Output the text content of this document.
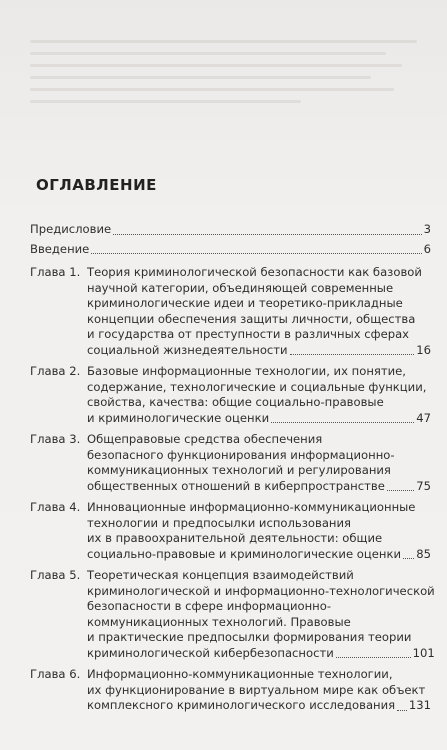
ОГЛАВЛЕНИЕ
Предисловие	3
Введение	6
Глава 1. Теория криминологической безопасности как базовой
научной категории, объединяющей современные
криминологические идеи и теоретико-прикладные
концепции обеспечения защиты личности, общества
и государства от преступности в различных сферах
социальной жизнедеятельности	16
Глава 2. Базовые информационные технологии, их понятие,
содержание, технологические и социальные функции,
свойства, качества: общие социально-правовые
и криминологические оценки	47
Глава 3. Общеправовые средства обеспечения
безопасного функционирования информационно-
коммуникационных технологий и регулирования
общественных отношений в киберпространстве	75
Глава 4. Инновационные информационно-коммуникационные
технологии и предпосылки использования
их в правоохранительной деятельности: общие
социально-правовые и криминологические оценки 85
Глава 5. Теоретическая концепция взаимодействий
криминологической и информационно-технологической
безопасности в сфере информационно-
коммуникационных технологий. Правовые
и практические предпосылки формирования теории
криминологической кибербезопасности	101
Глава 6. Информационно-коммуникационные технологии,
их функционирование в виртуальном мире как объект
комплексного криминологического исследования 131
